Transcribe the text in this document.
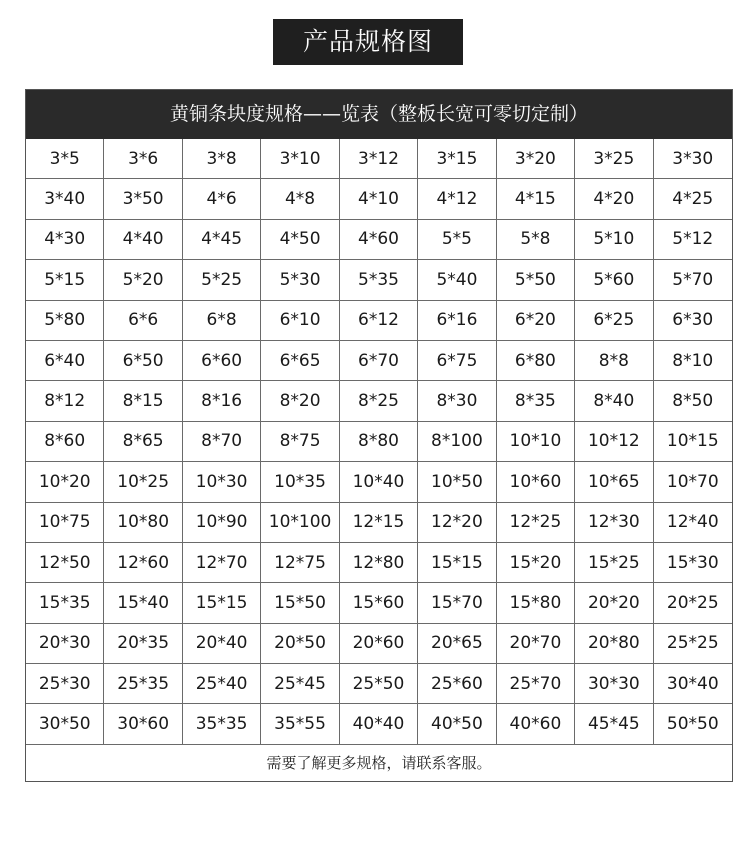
产品规格图
黄铜条块度规格——览表（整板长宽可零切定制）
3*5	3*6	3*8	3*10	3*12	3*15	3*20	3*25	3*30
3*40	3*50	4*6	4*8	4*10	4*12	4*15	4*20	4*25
4*30	4*40	4*45	4*50	4*60	5*5	5*8	5*10	5*12
5*15	5*20	5*25	5*30	5*35	5*40	5*50	5*60	5*70
5*80	6*6	6*8	6*10	6*12	6*16	6*20	6*25	6*30
6*40	6*50	6*60	6*65	6*70	6*75	6*80	8*8	8*10
8*12	8*15	8*16	8*20	8*25	8*30	8*35	8*40	8*50
8*60	8*65	8*70	8*75	8*80	8*100	10*10	10*12	10*15
10*20	10*25	10*30	10*35	10*40	10*50	10*60	10*65	10*70
10*75	10*80	10*90	10*100	12*15	12*20	12*25	12*30	12*40
12*50	12*60	12*70	12*75	12*80	15*15	15*20	15*25	15*30
15*35	15*40	15*15	15*50	15*60	15*70	15*80	20*20	20*25
20*30	20*35	20*40	20*50	20*60	20*65	20*70	20*80	25*25
25*30	25*35	25*40	25*45	25*50	25*60	25*70	30*30	30*40
30*50	30*60	35*35	35*55	40*40	40*50	40*60	45*45	50*50
需要了解更多规格，请联系客服。
